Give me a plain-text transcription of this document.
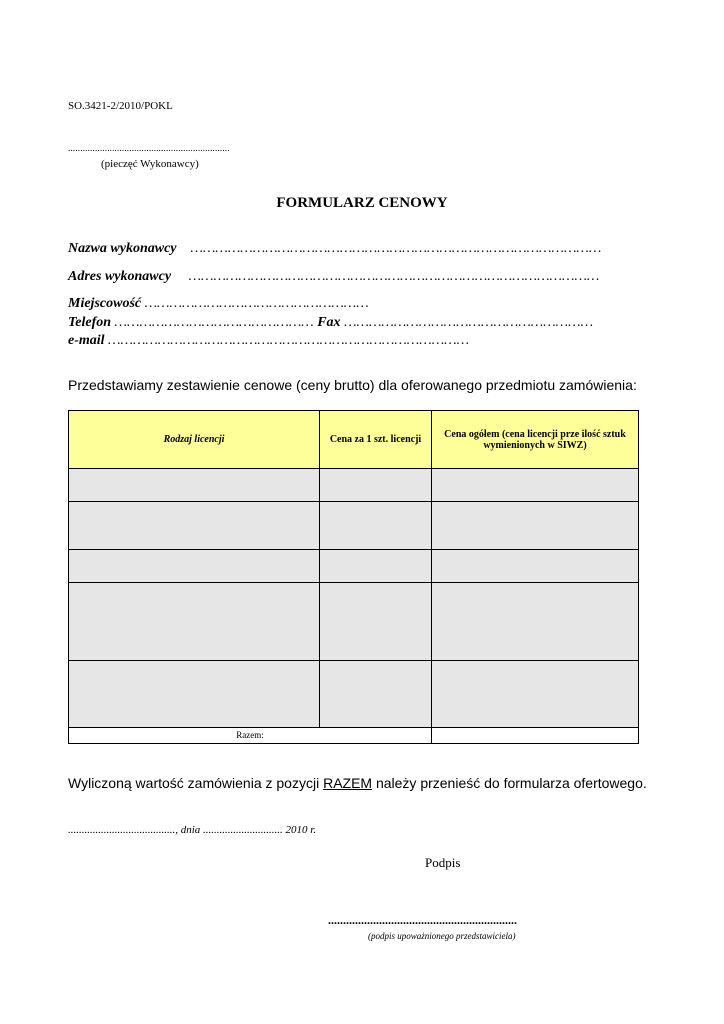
SO.3421-2/2010/POKL
..................................................................
(pieczęć Wykonawcy)
FORMULARZ CENOWY
Nazwa wykonawcy ………………………………………………………………………………………
Adres wykonawcy ………………………………………………………………………………………
Miejscowość ………………………………………………
Telefon ………………………………………… Fax ……………………………………………………
e-mail ……………………………………………………………………………
Przedstawiamy zestawienie cenowe (ceny brutto) dla oferowanego przedmiotu zamówienia:
Rodzaj licencji	Cena za 1 szt. licencji	Cena ogółem (cena licencji prze ilość sztuk wymienionych w SIWZ)

Razem:		
Wyliczoną wartość zamówienia z pozycji RAZEM należy przenieść do formularza ofertowego.
......................................., dnia ............................. 2010 r.
Podpis
...............................................................
(podpis upoważnionego przedstawiciela)
